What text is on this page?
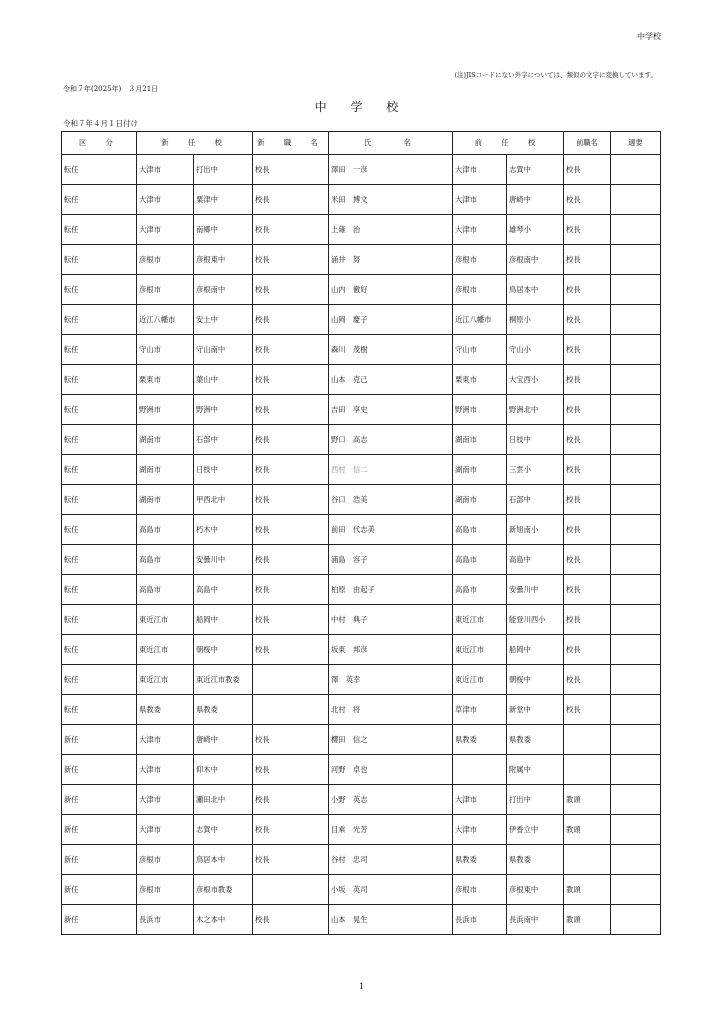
中学校
(注)JISコードにない外字については、類似の文字に変換しています。
令和７年(2025年)　３月21日
中 学 校
令和７年４月１日付け
区　分	新　任　校		新　職　名	氏　　名	前　任　校		前職名	適要
転任	大津市	打出中	校長	澤田　一彦	大津市	志賀中	校長	
転任	大津市	粟津中	校長	米田　博文	大津市	唐崎中	校長	
転任	大津市	南郷中	校長	上薙　治	大津市	雄琴小	校長	
転任	彦根市	彦根東中	校長	涌井　努	彦根市	彦根南中	校長	
転任	彦根市	彦根南中	校長	山内　徹好	彦根市	鳥居本中	校長	
転任	近江八幡市	安土中	校長	山岡　慶子	近江八幡市	桐原小	校長	
転任	守山市	守山南中	校長	森川　茂樹	守山市	守山小	校長	
転任	栗東市	葉山中	校長	山本　克己	栗東市	大宝西小	校長	
転任	野洲市	野洲中	校長	吉田　享史	野洲市	野洲北中	校長	
転任	湖南市	石部中	校長	野口　高志	湖南市	日枝中	校長	
転任	湖南市	日枝中	校長	西村　信二	湖南市	三雲小	校長	
転任	湖南市	甲西北中	校長	谷口　浩美	湖南市	石部中	校長	
転任	高島市	朽木中	校長	前田　代志美	高島市	新旭南小	校長	
転任	高島市	安曇川中	校長	浦島　容子	高島市	高島中	校長	
転任	高島市	高島中	校長	柏原　由起子	高島市	安曇川中	校長	
転任	東近江市	船岡中	校長	中村　典子	東近江市	能登川西小	校長	
転任	東近江市	朝桜中	校長	坂東　邦彦	東近江市	船岡中	校長	
転任	東近江市	東近江市教委		澤　英幸	東近江市	朝桜中	校長	
転任	県教委	県教委		北村　将	草津市	新堂中	校長	
新任	大津市	唐崎中	校長	櫻田　信之	県教委	県教委		
新任	大津市	仰木中	校長	河野　卓也		附属中		
新任	大津市	瀬田北中	校長	小野　英志	大津市	打出中	教頭	
新任	大津市	志賀中	校長	目乘　光芳	大津市	伊香立中	教頭	
新任	彦根市	鳥居本中	校長	谷村　忠司	県教委	県教委		
新任	彦根市	彦根市教委		小坂　英司	彦根市	彦根東中	教頭	
新任	長浜市	木之本中	校長	山本　晃生	長浜市	長浜南中	教頭	
1
